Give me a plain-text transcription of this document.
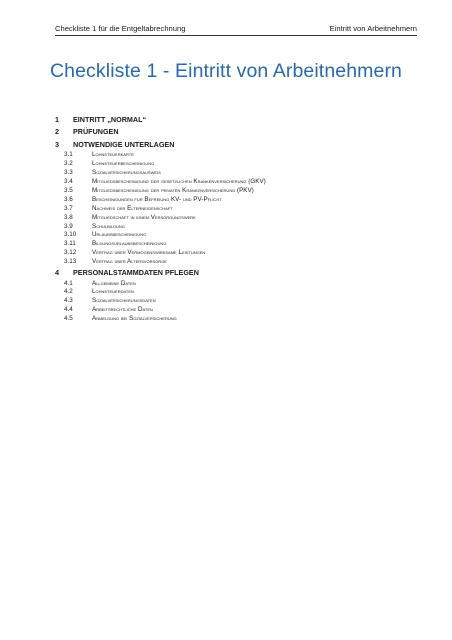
Checkliste 1 für die Entgeltabrechnung	Eintritt von Arbeitnehmern
Checkliste 1 - Eintritt von Arbeitnehmern
1	EINTRITT „NORMAL“
2	PRÜFUNGEN
3	NOTWENDIGE UNTERLAGEN
3.1	Lohnsteuerkarte
3.2	Lohnsteuerbescheinigung
3.3	Sozialversicherungsausweis
3.4	Mitgliedsbescheinigung der gesetzlichen Krankenversicherung (GKV)
3.5	Mitgliedsbescheinigung der privaten Krankenversicherung (PKV)
3.6	Bescheinigungen für Befreiung KV- und PV-Pflicht
3.7	Nachweis der Elterneigenschaft
3.8	Mitgliedschaft in einem Versorgungswerk
3.9	Schulbildung
3.10	Urlaubsbescheinigung
3.11	Bildungsurlaubsbescheinigung
3.12	Vertrag über Vermögenswirksame Leistungen
3.13	Vertrag über Altersvorsorge
4	PERSONALSTAMMDATEN PFLEGEN
4.1	Allgemeine Daten
4.2	Lohnsteuerdaten
4.3	Sozialversicherungsdaten
4.4	Arbeitsrechtliche Daten
4.5	Anmeldung bei Sozialversicherung
